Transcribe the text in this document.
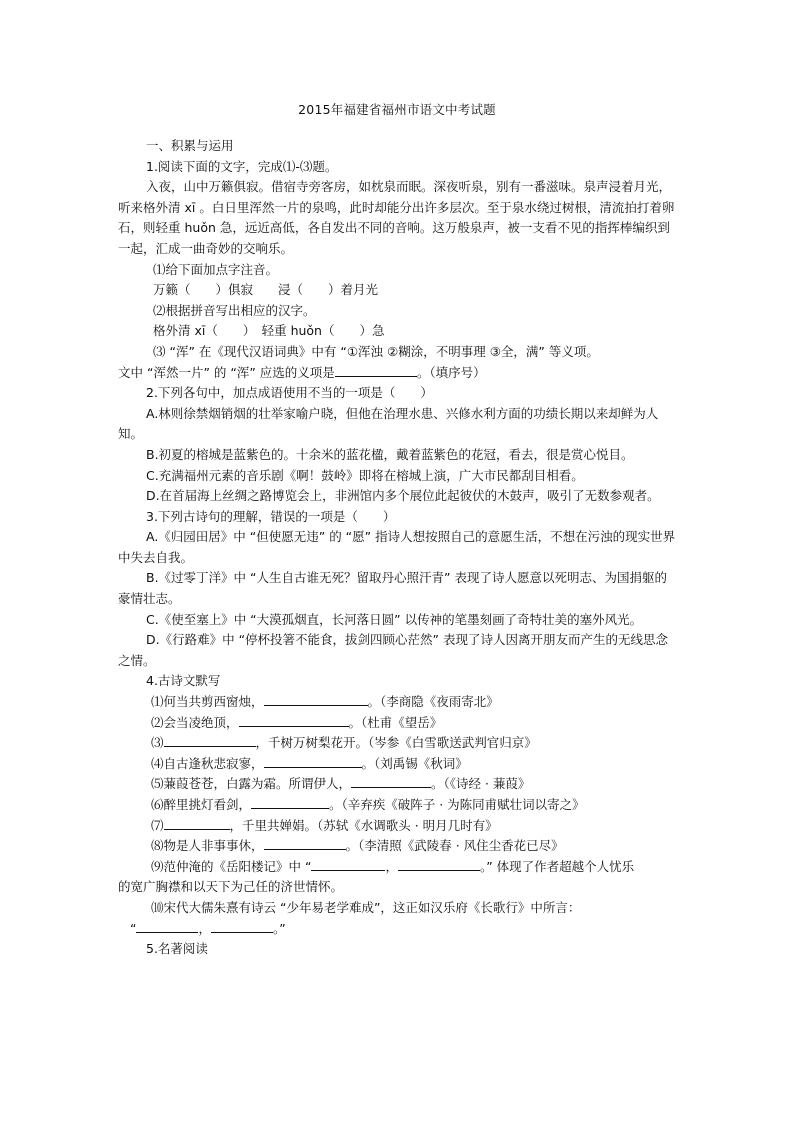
2015年福建省福州市语文中考试题

一、积累与运用

1.阅读下面的文字，完成⑴-⑶题。

入夜，山中万籁俱寂。借宿寺旁客房，如枕泉而眠。深夜听泉，别有一番滋味。泉声浸着月光，听来格外清 xī 。白日里浑然一片的泉鸣，此时却能分出许多层次。至于泉水绕过树根，清流拍打着卵石，则轻重 huǒn 急，远近高低，各自发出不同的音响。这万般泉声，被一支看不见的指挥棒编织到一起，汇成一曲奇妙的交响乐。

⑴给下面加点字注音。

万籁（　　）俱寂　　浸（　　）着月光

⑵根据拼音写出相应的汉字。

格外清 xī（　　）　轻重 huǒn（　　）急

⑶ “浑” 在《现代汉语词典》中有 “①浑浊 ②糊涂，不明事理 ③全，满” 等义项。

文中 “浑然一片” 的 “浑” 应选的义项是	。（填序号）

2.下列各句中，加点成语使用不当的一项是（　　）

A.林则徐禁烟销烟的壮举家喻户晓，但他在治理水患、兴修水利方面的功绩长期以来却鲜为人知。

B.初夏的榕城是蓝紫色的。十余米的蓝花楹，戴着蓝紫色的花冠，看去，很是赏心悦目。

C.充满福州元素的音乐剧《啊！鼓岭》即将在榕城上演，广大市民都刮目相看。

D.在首届海上丝绸之路博览会上，非洲馆内多个展位此起彼伏的木鼓声，吸引了无数参观者。

3.下列古诗句的理解，错误的一项是（　　）

A.《归园田居》中 “但使愿无违” 的 “愿” 指诗人想按照自己的意愿生活，不想在污浊的现实世界中失去自我。

B.《过零丁洋》中 “人生自古谁无死？留取丹心照汗青” 表现了诗人愿意以死明志、为国捐躯的豪情壮志。

C.《使至塞上》中 “大漠孤烟直，长河落日圆” 以传神的笔墨刻画了奇特壮美的塞外风光。

D.《行路难》中 “停杯投箸不能食，拔剑四顾心茫然” 表现了诗人因离开朋友而产生的无线思念之情。

4.古诗文默写

⑴何当共剪西窗烛，	。（李商隐《夜雨寄北》

⑵会当凌绝顶，	。（杜甫《望岳》

⑶	，千树万树梨花开。（岑参《白雪歌送武判官归京》

⑷自古逢秋悲寂寥，	。（刘禹锡《秋词》

⑸蒹葭苍苍，白露为霜。所谓伊人，	。（《诗经 · 蒹葭》

⑹醉里挑灯看剑，	。（辛弃疾《破阵子 · 为陈同甫赋壮词以寄之》

⑺	，千里共婵娟。（苏轼《水调歌头 · 明月几时有》

⑻物是人非事事休，	。（李清照《武陵春 · 风住尘香花已尽》

⑼范仲淹的《岳阳楼记》中 “	，	。” 体现了作者超越个人忧乐

的宽广胸襟和以天下为己任的济世情怀。

⑽宋代大儒朱熹有诗云 “少年易老学难成”，这正如汉乐府《长歌行》中所言：

“	，	。”

5.名著阅读
